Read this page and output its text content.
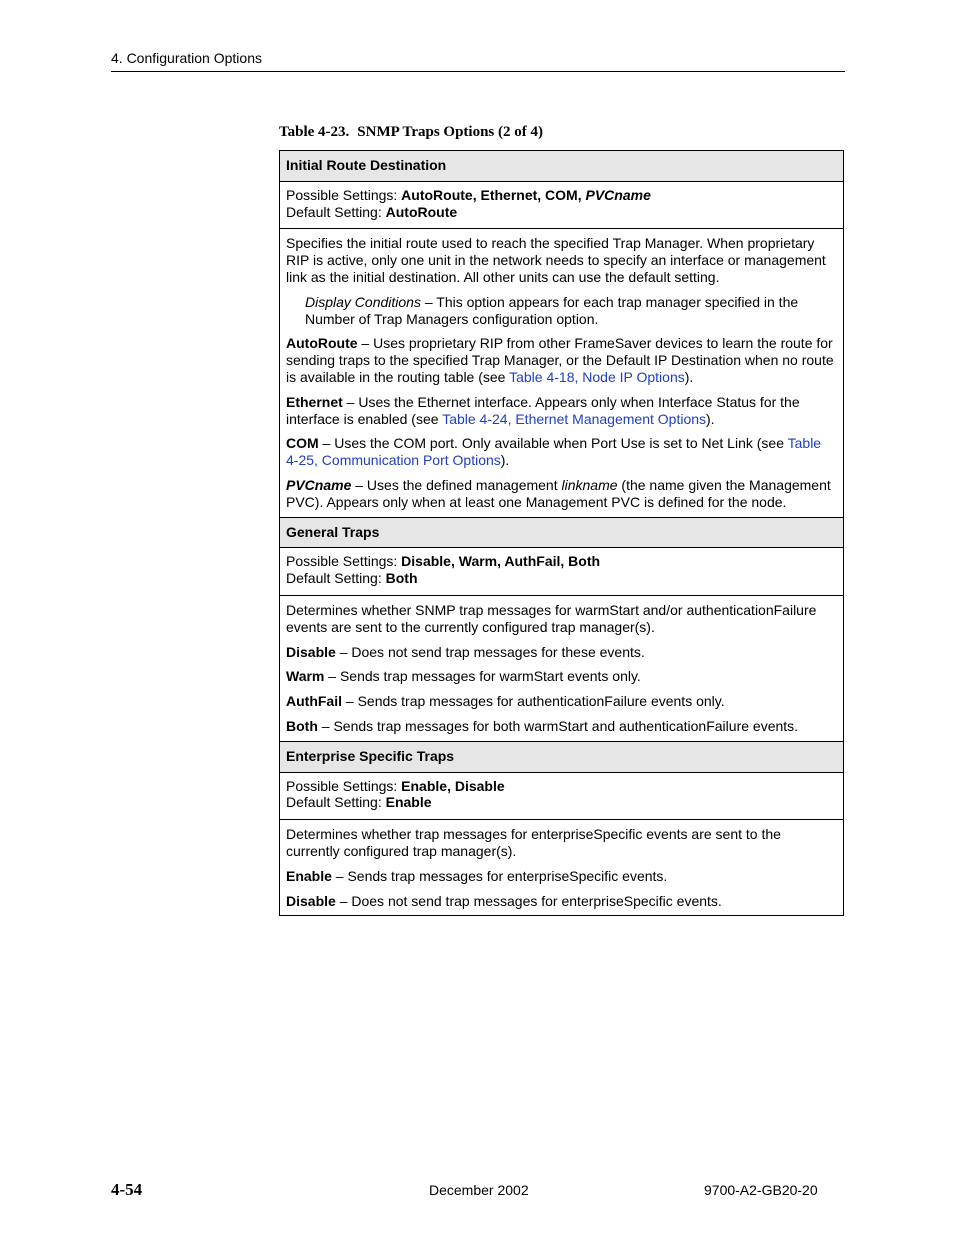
4. Configuration Options
Table 4-23. SNMP Traps Options (2 of 4)
Initial Route Destination
Possible Settings: AutoRoute, Ethernet, COM, PVCname
Default Setting: AutoRoute

Specifies the initial route used to reach the specified Trap Manager. When proprietary RIP is active, only one unit in the network needs to specify an interface or management link as the initial destination. All other units can use the default setting.

Display Conditions – This option appears for each trap manager specified in the Number of Trap Managers configuration option.

AutoRoute – Uses proprietary RIP from other FrameSaver devices to learn the route for sending traps to the specified Trap Manager, or the Default IP Destination when no route is available in the routing table (see Table 4-18, Node IP Options).

Ethernet – Uses the Ethernet interface. Appears only when Interface Status for the interface is enabled (see Table 4-24, Ethernet Management Options).

COM – Uses the COM port. Only available when Port Use is set to Net Link (see Table 4-25, Communication Port Options).

PVCname – Uses the defined management linkname (the name given the Management PVC). Appears only when at least one Management PVC is defined for the node.

General Traps
Possible Settings: Disable, Warm, AuthFail, Both
Default Setting: Both

Determines whether SNMP trap messages for warmStart and/or authenticationFailure events are sent to the currently configured trap manager(s).

Disable – Does not send trap messages for these events.

Warm – Sends trap messages for warmStart events only.

AuthFail – Sends trap messages for authenticationFailure events only.

Both – Sends trap messages for both warmStart and authenticationFailure events.

Enterprise Specific Traps
Possible Settings: Enable, Disable
Default Setting: Enable

Determines whether trap messages for enterpriseSpecific events are sent to the currently configured trap manager(s).

Enable – Sends trap messages for enterpriseSpecific events.

Disable – Does not send trap messages for enterpriseSpecific events.

4-54	December 2002	9700-A2-GB20-20
